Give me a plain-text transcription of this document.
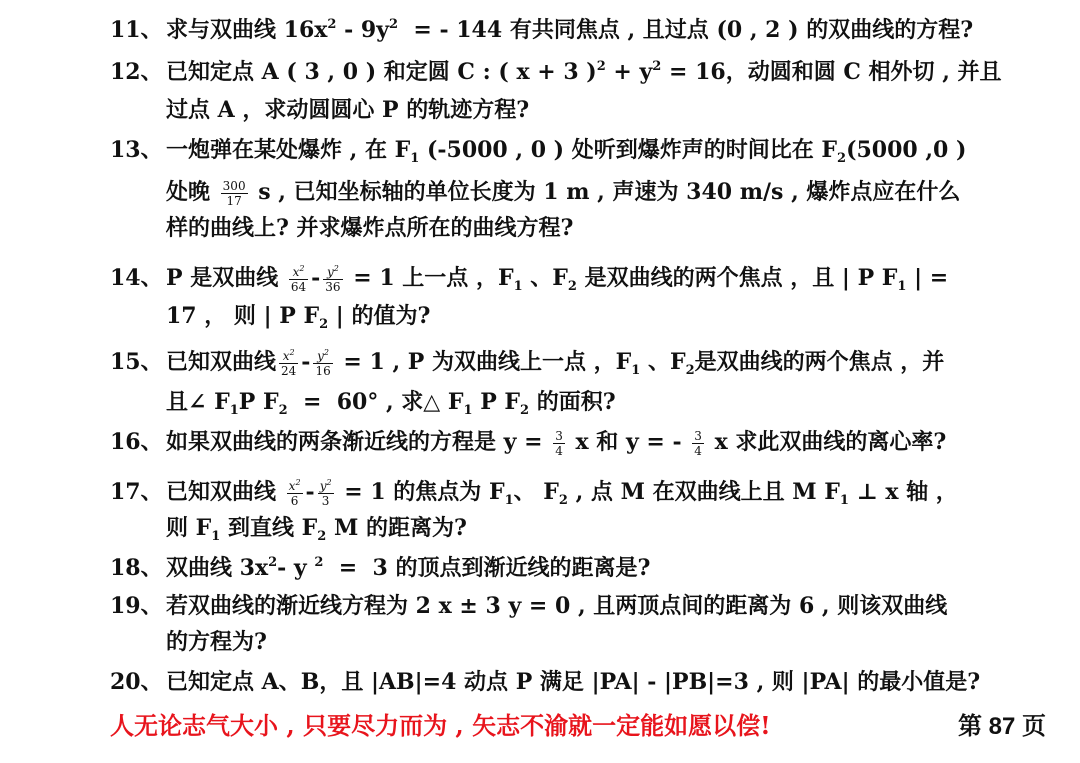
11、 求与双曲线 $16x^2 - 9y^2$  = - 144 有共同焦点 , 且过点 (0 , 2 ) 的双曲线的方程?
12、 已知定点 A ( 3 , 0 ) 和定圆 C : ( x + 3 )$^2 + y^2 = 16$，动圆和圆 C 相外切 , 并且
过点 A ，求动圆圆心 P 的轨迹方程?
13、 一炮弹在某处爆炸 , 在 $F_1$ (-5000 , 0 ) 处听到爆炸声的时间比在 $F_2(5000$ ,0 )
处晚 $\frac{300}{17}$ s , 已知坐标轴的单位长度为 1 m , 声速为 340 m/s , 爆炸点应在什么
样的曲线上? 并求爆炸点所在的曲线方程?
14、 P 是双曲线 $\frac{x^2}{64} - \frac{y^2}{36} = 1$ 上一点 ，$F_1$ 、$F_2$ 是双曲线的两个焦点 ，且 | P $F_1$ | =
17 ， 则 | P $F_2$ | 的值为?
15、 已知双曲线 $\frac{x^2}{24} - \frac{y^2}{16} = 1$ , P 为双曲线上一点 ，$F_1$ 、$F_2$是双曲线的两个焦点 ，并
且∠ $F_1P$ $F_2 = 60^\circ$ , 求△ $F_1$ P $F_2$ 的面积?
16、 如果双曲线的两条渐近线的方程是 $y = \frac{3}{4}$ x 和 y = - $\frac{3}{4}$ x 求此双曲线的离心率?
17、 已知双曲线 $\frac{x^2}{6} - \frac{y^2}{3} = 1$ 的焦点为 $F_1$、 $F_2$ , 点 M 在双曲线上且 M $F_1$ ⊥ x 轴 ，
则 $F_1$ 到直线 $F_2$ M 的距离为?
18、 双曲线 $3x^2-$ y $^2$  =  3 的顶点到渐近线的距离是?
19、 若双曲线的渐近线方程为 2 x ± 3 y = 0 , 且两顶点间的距离为 6 , 则该双曲线
的方程为?
20、 已知定点 A、B，且 |AB|=4 动点 P 满足 |PA| - |PB|=3 , 则 |PA| 的最小值是?
人无论志气大小 , 只要尽力而为 , 矢志不渝就一定能如愿以偿!	第 87 页
